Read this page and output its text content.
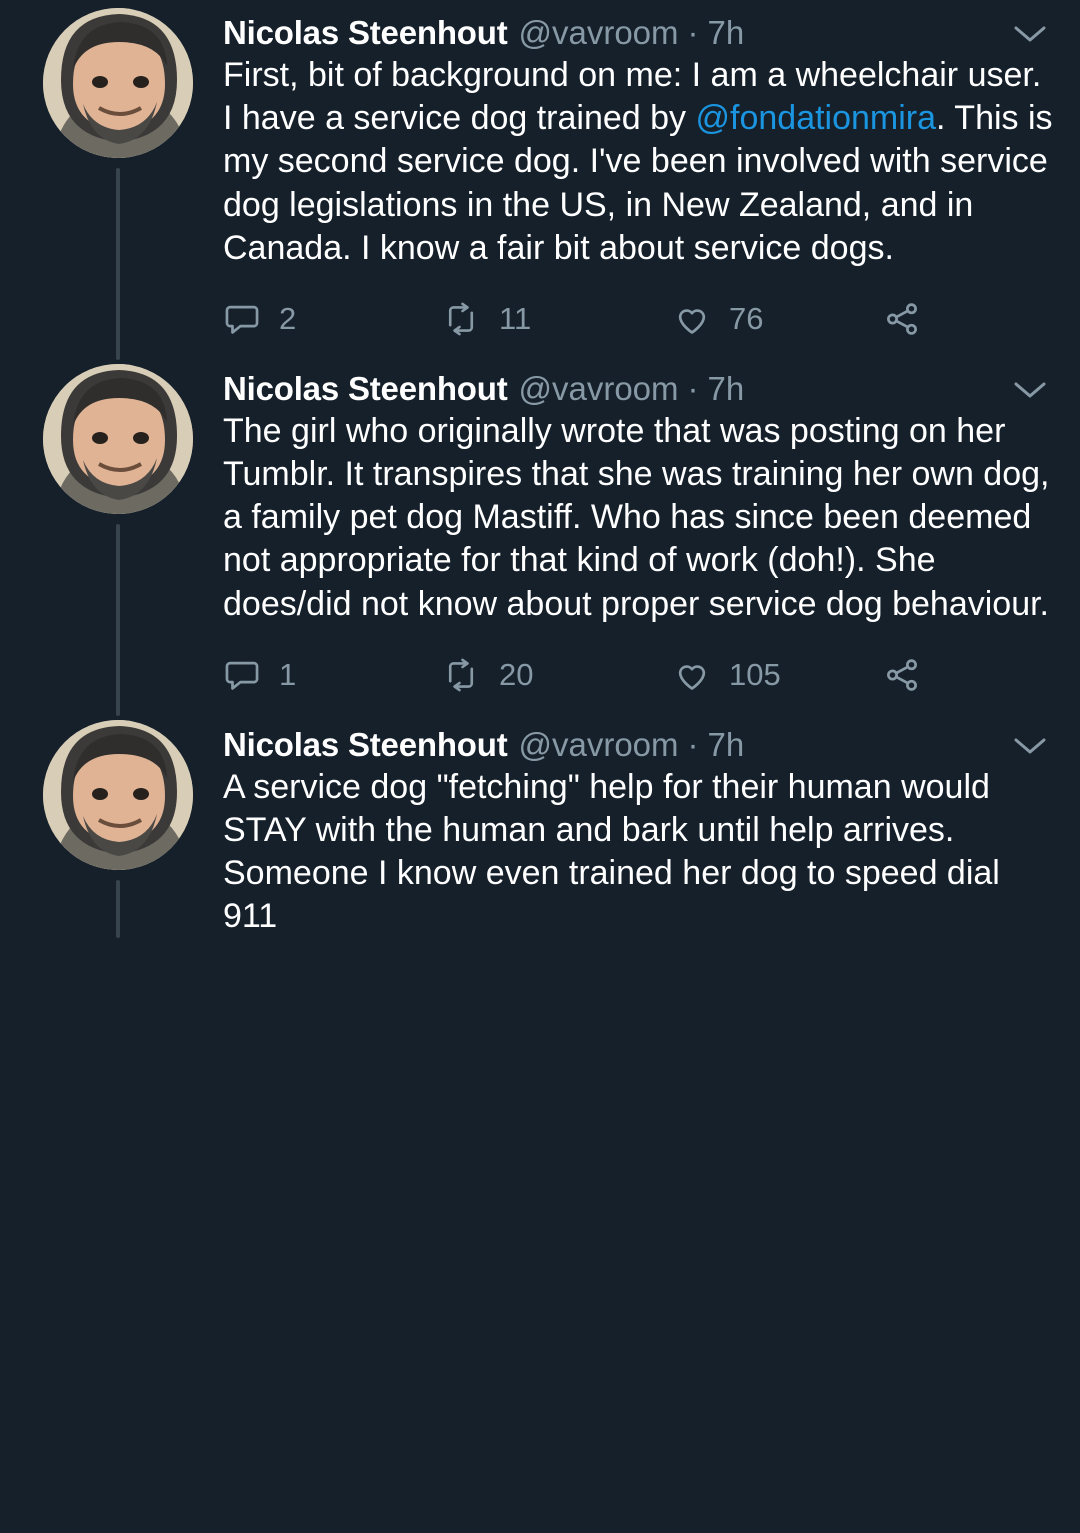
Nicolas Steenhout @vavroom · 7h
First, bit of background on me: I am a wheelchair user. I have a service dog trained by @fondationmira. This is my second service dog. I've been involved with service dog legislations in the US, in New Zealand, and in Canada. I know a fair bit about service dogs.
2	11	76
Nicolas Steenhout @vavroom · 7h
The girl who originally wrote that was posting on her Tumblr. It transpires that she was training her own dog, a family pet dog Mastiff. Who has since been deemed not appropriate for that kind of work (doh!). She does/did not know about proper service dog behaviour.
1	20	105
Nicolas Steenhout @vavroom · 7h
A service dog "fetching" help for their human would STAY with the human and bark until help arrives. Someone I know even trained her dog to speed dial 911
